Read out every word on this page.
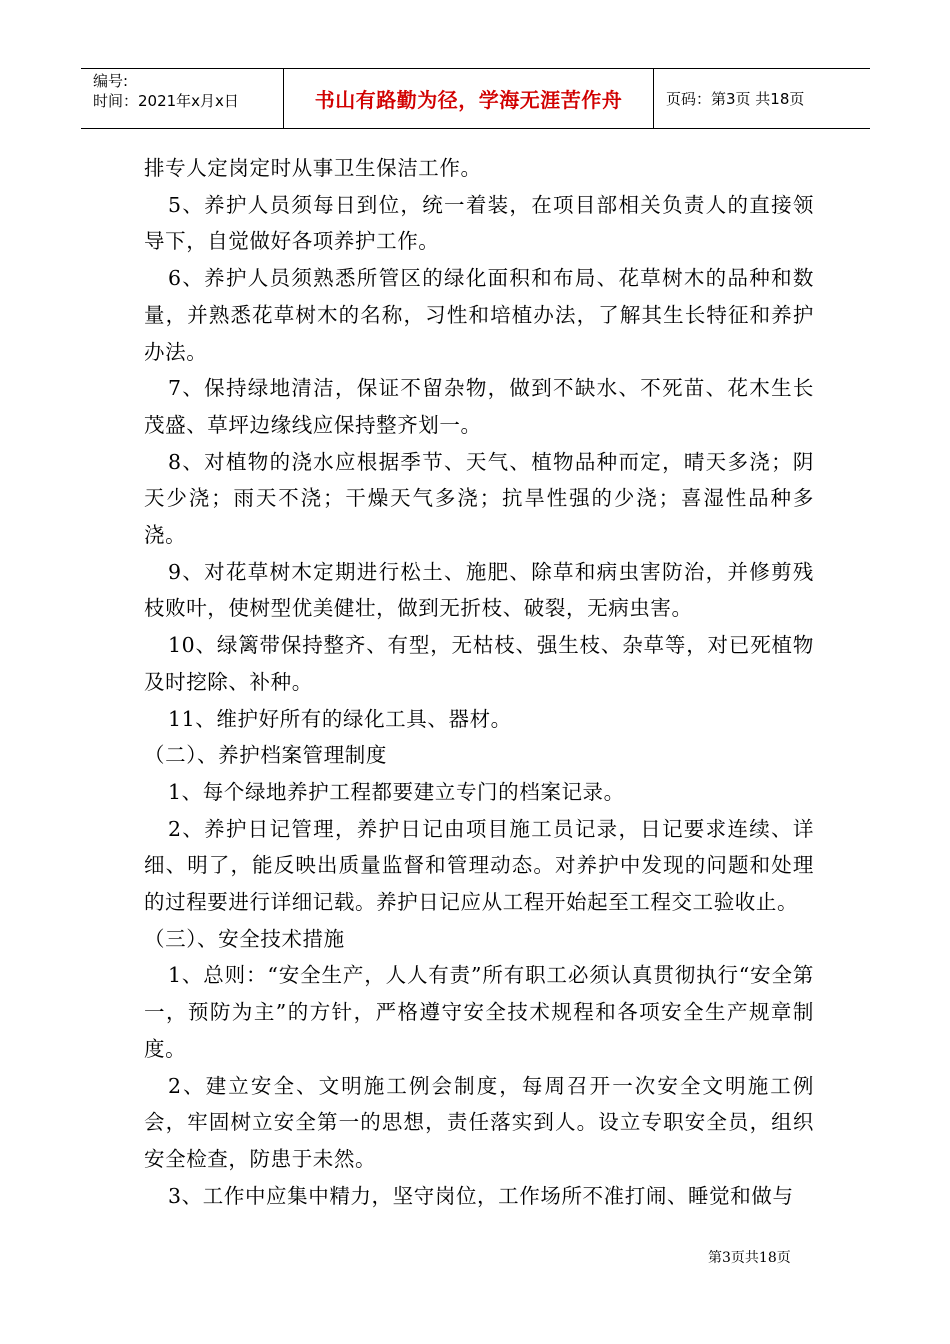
编号:
时间：2021年x月x日	书山有路勤为径，学海无涯苦作舟	页码：第3页 共18页

排专人定岗定时从事卫生保洁工作。

5、养护人员须每日到位，统一着装，在项目部相关负责人的直接领导下，自觉做好各项养护工作。

6、养护人员须熟悉所管区的绿化面积和布局、花草树木的品种和数量，并熟悉花草树木的名称，习性和培植办法，了解其生长特征和养护办法。

7、保持绿地清洁，保证不留杂物，做到不缺水、不死苗、花木生长茂盛、草坪边缘线应保持整齐划一。

8、对植物的浇水应根据季节、天气、植物品种而定，晴天多浇；阴天少浇；雨天不浇；干燥天气多浇；抗旱性强的少浇；喜湿性品种多浇。

9、对花草树木定期进行松土、施肥、除草和病虫害防治，并修剪残枝败叶，使树型优美健壮，做到无折枝、破裂，无病虫害。

10、绿篱带保持整齐、有型，无枯枝、强生枝、杂草等，对已死植物及时挖除、补种。

11、维护好所有的绿化工具、器材。

（二）、养护档案管理制度

1、每个绿地养护工程都要建立专门的档案记录。

2、养护日记管理，养护日记由项目施工员记录，日记要求连续、详细、明了，能反映出质量监督和管理动态。对养护中发现的问题和处理的过程要进行详细记载。养护日记应从工程开始起至工程交工验收止。

（三）、安全技术措施

1、总则：“安全生产，人人有责”所有职工必须认真贯彻执行“安全第一，预防为主”的方针，严格遵守安全技术规程和各项安全生产规章制度。

2、建立安全、文明施工例会制度，每周召开一次安全文明施工例会，牢固树立安全第一的思想，责任落实到人。设立专职安全员，组织安全检查，防患于未然。

3、工作中应集中精力，坚守岗位，工作场所不准打闹、睡觉和做与

第3页共18页
